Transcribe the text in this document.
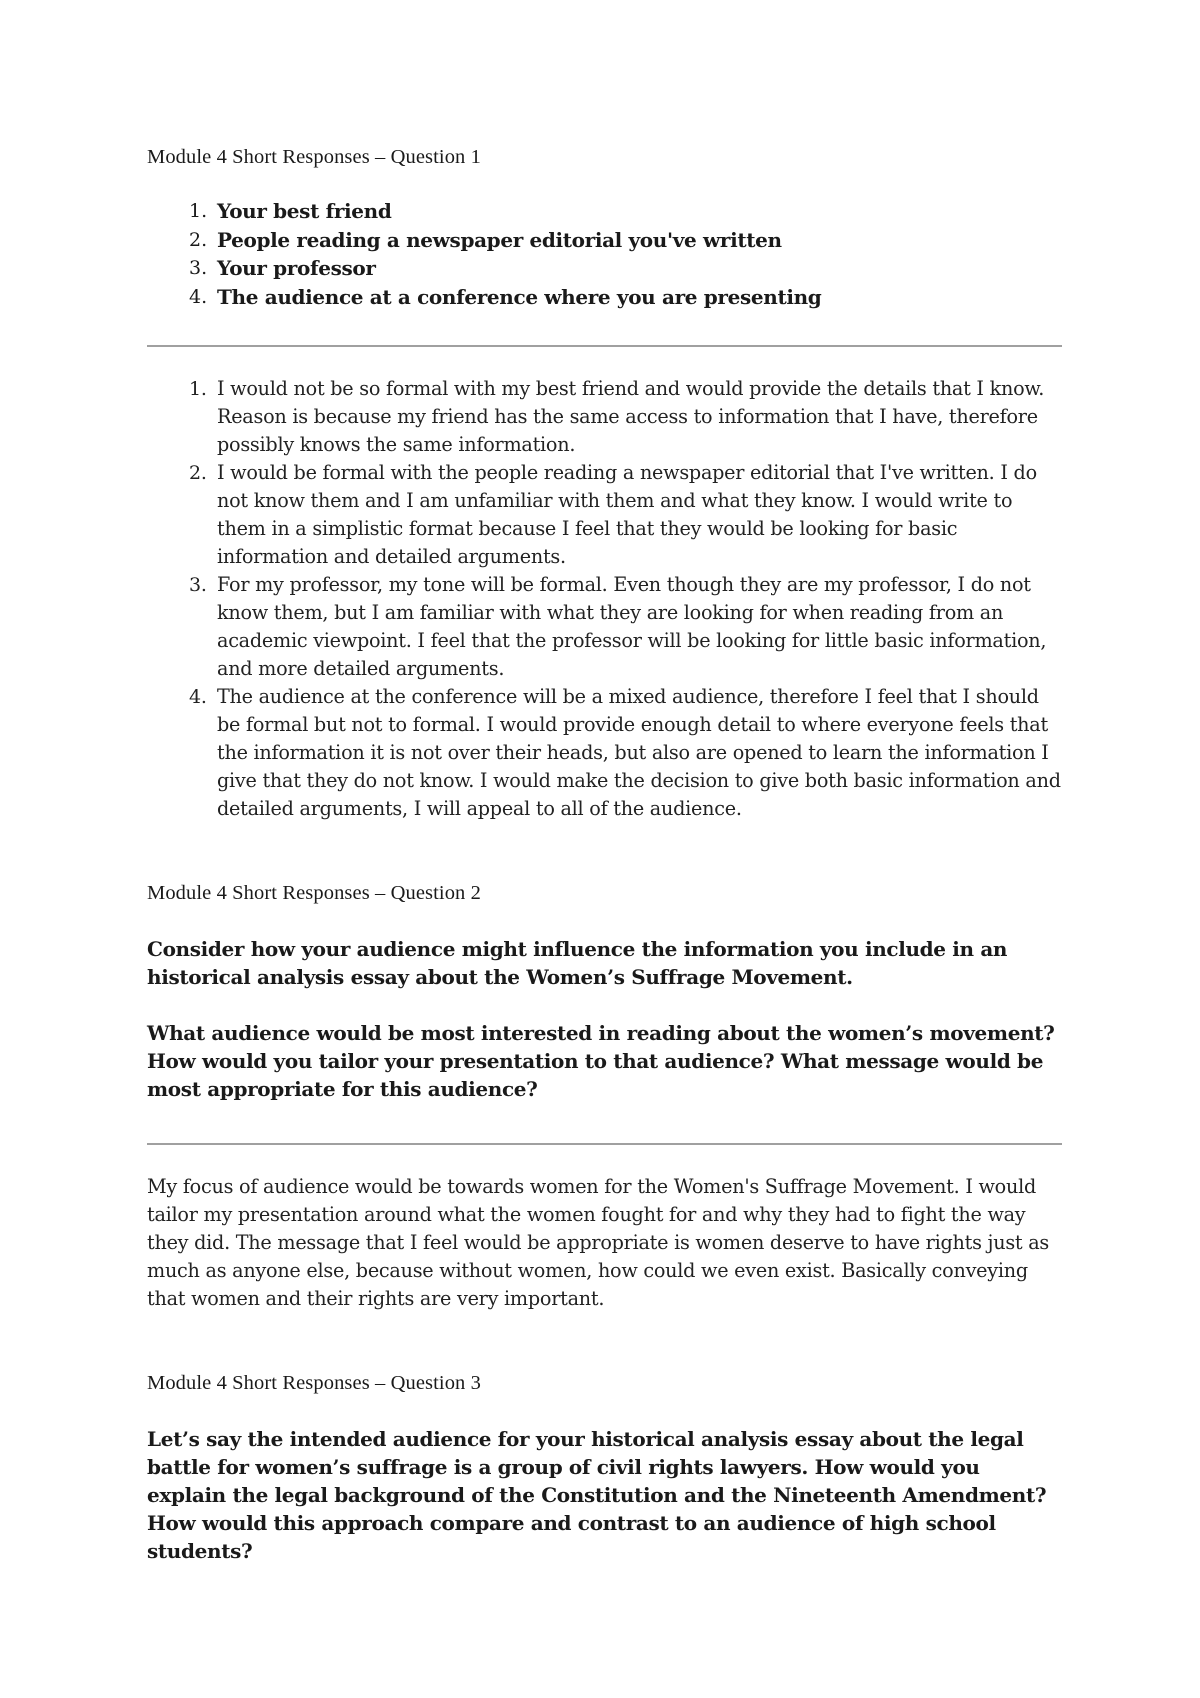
Module 4 Short Responses – Question 1
Your best friend
People reading a newspaper editorial you've written
Your professor
The audience at a conference where you are presenting
I would not be so formal with my best friend and would provide the details that I know. Reason is because my friend has the same access to information that I have, therefore possibly knows the same information.
I would be formal with the people reading a newspaper editorial that I've written. I do not know them and I am unfamiliar with them and what they know. I would write to them in a simplistic format because I feel that they would be looking for basic information and detailed arguments.
For my professor, my tone will be formal. Even though they are my professor, I do not know them, but I am familiar with what they are looking for when reading from an academic viewpoint. I feel that the professor will be looking for little basic information, and more detailed arguments.
The audience at the conference will be a mixed audience, therefore I feel that I should be formal but not to formal. I would provide enough detail to where everyone feels that the information it is not over their heads, but also are opened to learn the information I give that they do not know. I would make the decision to give both basic information and detailed arguments, I will appeal to all of the audience.
Module 4 Short Responses – Question 2

Consider how your audience might influence the information you include in an historical analysis essay about the Women’s Suffrage Movement.

What audience would be most interested in reading about the women’s movement? How would you tailor your presentation to that audience? What message would be most appropriate for this audience?

My focus of audience would be towards women for the Women's Suffrage Movement. I would tailor my presentation around what the women fought for and why they had to fight the way they did. The message that I feel would be appropriate is women deserve to have rights just as much as anyone else, because without women, how could we even exist. Basically conveying that women and their rights are very important.

Module 4 Short Responses – Question 3

Let’s say the intended audience for your historical analysis essay about the legal battle for women’s suffrage is a group of civil rights lawyers. How would you explain the legal background of the Constitution and the Nineteenth Amendment? How would this approach compare and contrast to an audience of high school students?
